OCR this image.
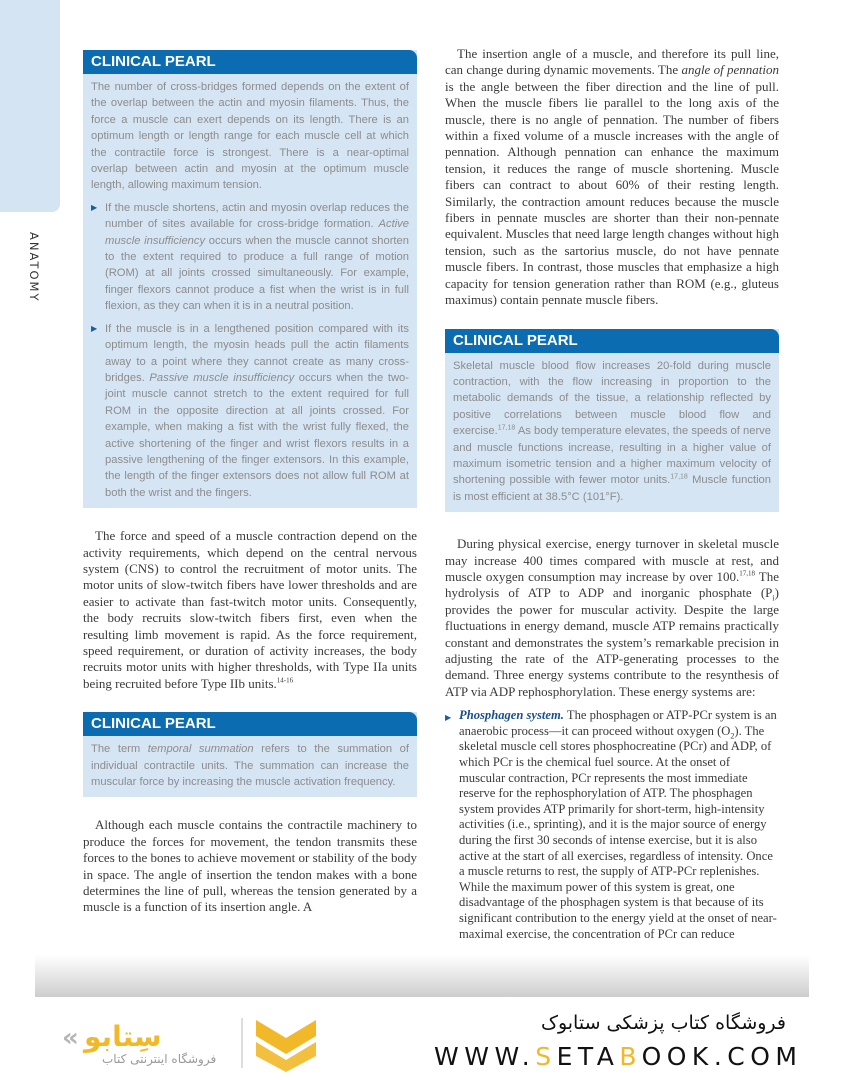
ANATOMY
CLINICAL PEARL

The number of cross-bridges formed depends on the extent of the overlap between the actin and myosin filaments. Thus, the force a muscle can exert depends on its length. There is an optimum length or length range for each muscle cell at which the contractile force is strongest. There is a near-optimal overlap between actin and myosin at the optimum muscle length, allowing maximum tension.

▶ If the muscle shortens, actin and myosin overlap reduces the number of sites available for cross-bridge formation. Active muscle insufficiency occurs when the muscle cannot shorten to the extent required to produce a full range of motion (ROM) at all joints crossed simultaneously. For example, finger flexors cannot produce a fist when the wrist is in full flexion, as they can when it is in a neutral position.

▶ If the muscle is in a lengthened position compared with its optimum length, the myosin heads pull the actin filaments away to a point where they cannot create as many cross-bridges. Passive muscle insufficiency occurs when the two-joint muscle cannot stretch to the extent required for full ROM in the opposite direction at all joints crossed. For example, when making a fist with the wrist fully flexed, the active shortening of the finger and wrist flexors results in a passive lengthening of the finger extensors. In this example, the length of the finger extensors does not allow full ROM at both the wrist and the fingers.

The force and speed of a muscle contraction depend on the activity requirements, which depend on the central nervous system (CNS) to control the recruitment of motor units. The motor units of slow-twitch fibers have lower thresholds and are easier to activate than fast-twitch motor units. Consequently, the body recruits slow-twitch fibers first, even when the resulting limb movement is rapid. As the force requirement, speed requirement, or duration of activity increases, the body recruits motor units with higher thresholds, with Type IIa units being recruited before Type IIb units.$^{14-16}$

CLINICAL PEARL

The term temporal summation refers to the summation of individual contractile units. The summation can increase the muscular force by increasing the muscle activation frequency.

Although each muscle contains the contractile machinery to produce the forces for movement, the tendon transmits these forces to the bones to achieve movement or stability of the body in space. The angle of insertion the tendon makes with a bone determines the line of pull, whereas the tension generated by a muscle is a function of its insertion angle. A

The insertion angle of a muscle, and therefore its pull line, can change during dynamic movements. The angle of pennation is the angle between the fiber direction and the line of pull. When the muscle fibers lie parallel to the long axis of the muscle, there is no angle of pennation. The number of fibers within a fixed volume of a muscle increases with the angle of pennation. Although pennation can enhance the maximum tension, it reduces the range of muscle shortening. Muscle fibers can contract to about 60% of their resting length. Similarly, the contraction amount reduces because the muscle fibers in pennate muscles are shorter than their non-pennate equivalent. Muscles that need large length changes without high tension, such as the sartorius muscle, do not have pennate muscle fibers. In contrast, those muscles that emphasize a high capacity for tension generation rather than ROM (e.g., gluteus maximus) contain pennate muscle fibers.

CLINICAL PEARL

Skeletal muscle blood flow increases 20-fold during muscle contraction, with the flow increasing in proportion to the metabolic demands of the tissue, a relationship reflected by positive correlations between muscle blood flow and exercise.$^{17,18}$ As body temperature elevates, the speeds of nerve and muscle functions increase, resulting in a higher value of maximum isometric tension and a higher maximum velocity of shortening possible with fewer motor units.$^{17,18}$ Muscle function is most efficient at 38.5°C (101°F).

During physical exercise, energy turnover in skeletal muscle may increase 400 times compared with muscle at rest, and muscle oxygen consumption may increase by over 100.$^{17,18}$ The hydrolysis of ATP to ADP and inorganic phosphate $(P_i)$ provides the power for muscular activity. Despite the large fluctuations in energy demand, muscle ATP remains practically constant and demonstrates the system’s remarkable precision in adjusting the rate of the ATP-generating processes to the demand. Three energy systems contribute to the resynthesis of ATP via ADP rephosphorylation. These energy systems are:

▶ Phosphagen system. The phosphagen or ATP-PCr system is an anaerobic process—it can proceed without oxygen $(O_2)$. The skeletal muscle cell stores phosphocreatine (PCr) and ADP, of which PCr is the chemical fuel source. At the onset of muscular contraction, PCr represents the most immediate reserve for the rephosphorylation of ATP. The phosphagen system provides ATP primarily for short-term, high-intensity activities (i.e., sprinting), and it is the major source of energy during the first 30 seconds of intense exercise, but it is also active at the start of all exercises, regardless of intensity. Once a muscle returns to rest, the supply of ATP-PCr replenishes. While the maximum power of this system is great, one disadvantage of the phosphagen system is that because of its significant contribution to the energy yield at the onset of near-maximal exercise, the concentration of PCr can reduce
« سِتابو
فروشگاه اینترنتی کتاب
فروشگاه کتاب پزشکی ستابوک
WWW.SETABOOK.COM
